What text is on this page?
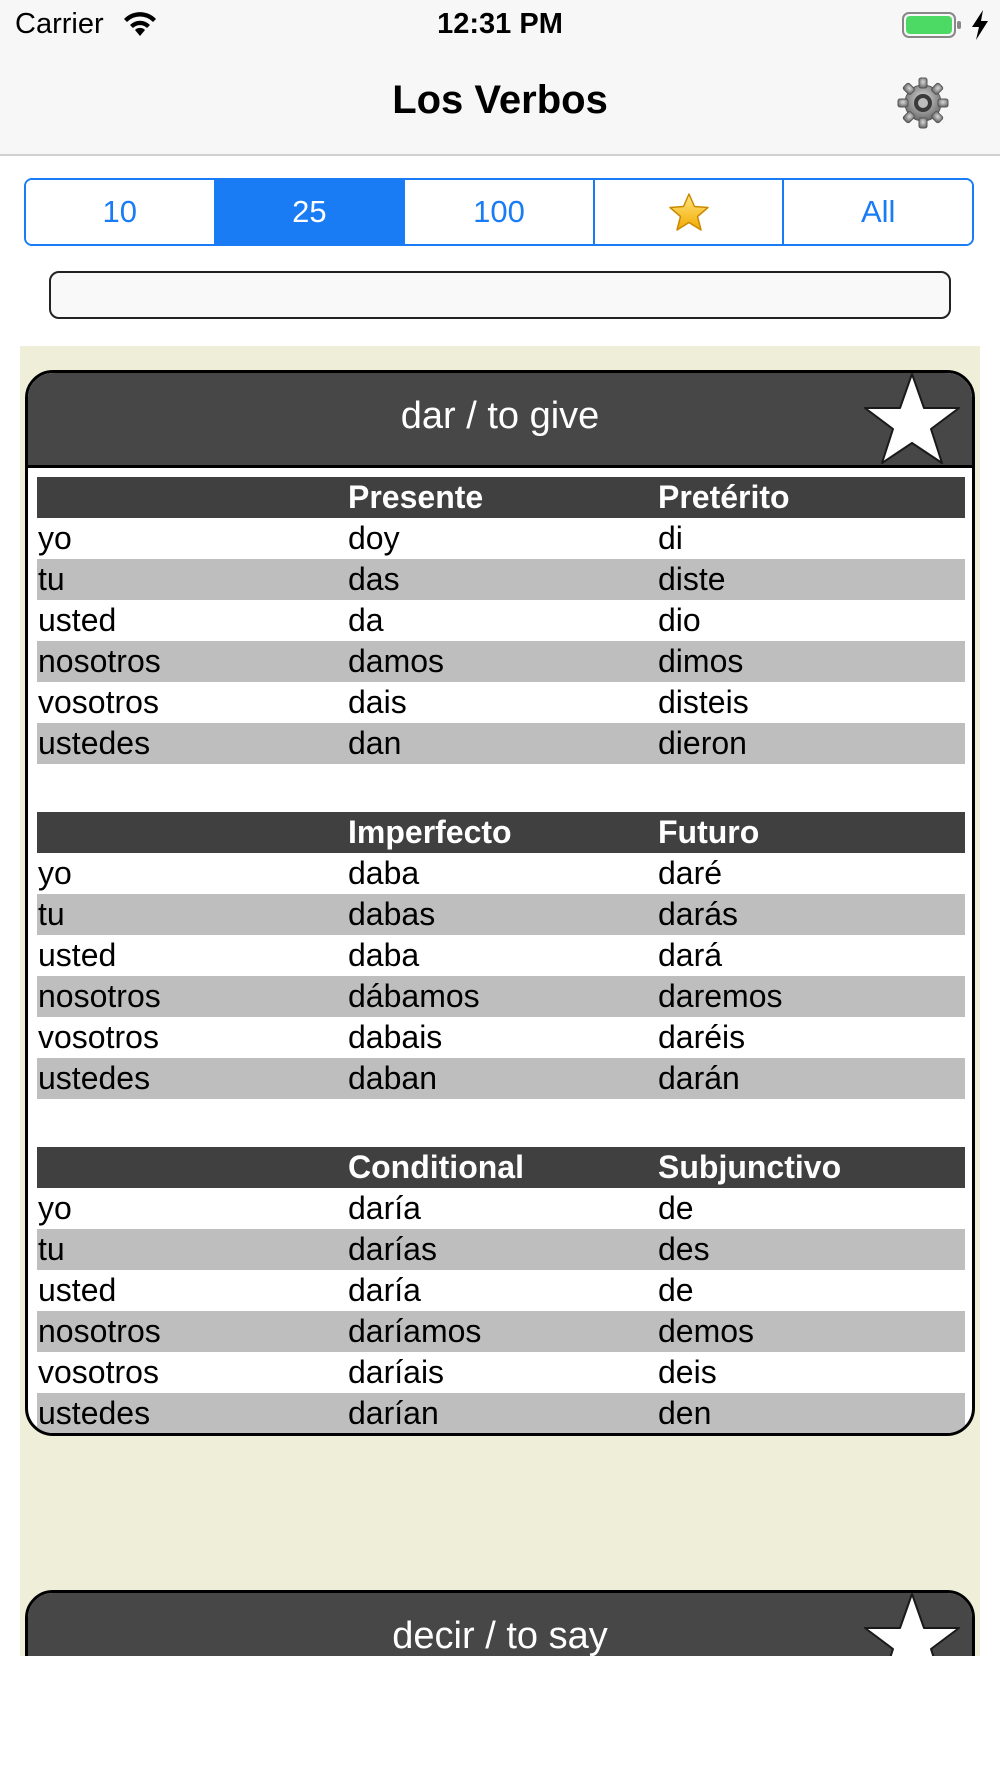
Carrier	12:31 PM
Los Verbos
10	25	100	All
dar / to give
	Presente	Pretérito
yo	doy	di
tu	das	diste
usted	da	dio
nosotros	damos	dimos
vosotros	dais	disteis
ustedes	dan	dieron
	Imperfecto	Futuro
yo	daba	daré
tu	dabas	darás
usted	daba	dará
nosotros	dábamos	daremos
vosotros	dabais	daréis
ustedes	daban	darán
	Conditional	Subjunctivo
yo	daría	de
tu	darías	des
usted	daría	de
nosotros	daríamos	demos
vosotros	daríais	deis
ustedes	darían	den
decir / to say
